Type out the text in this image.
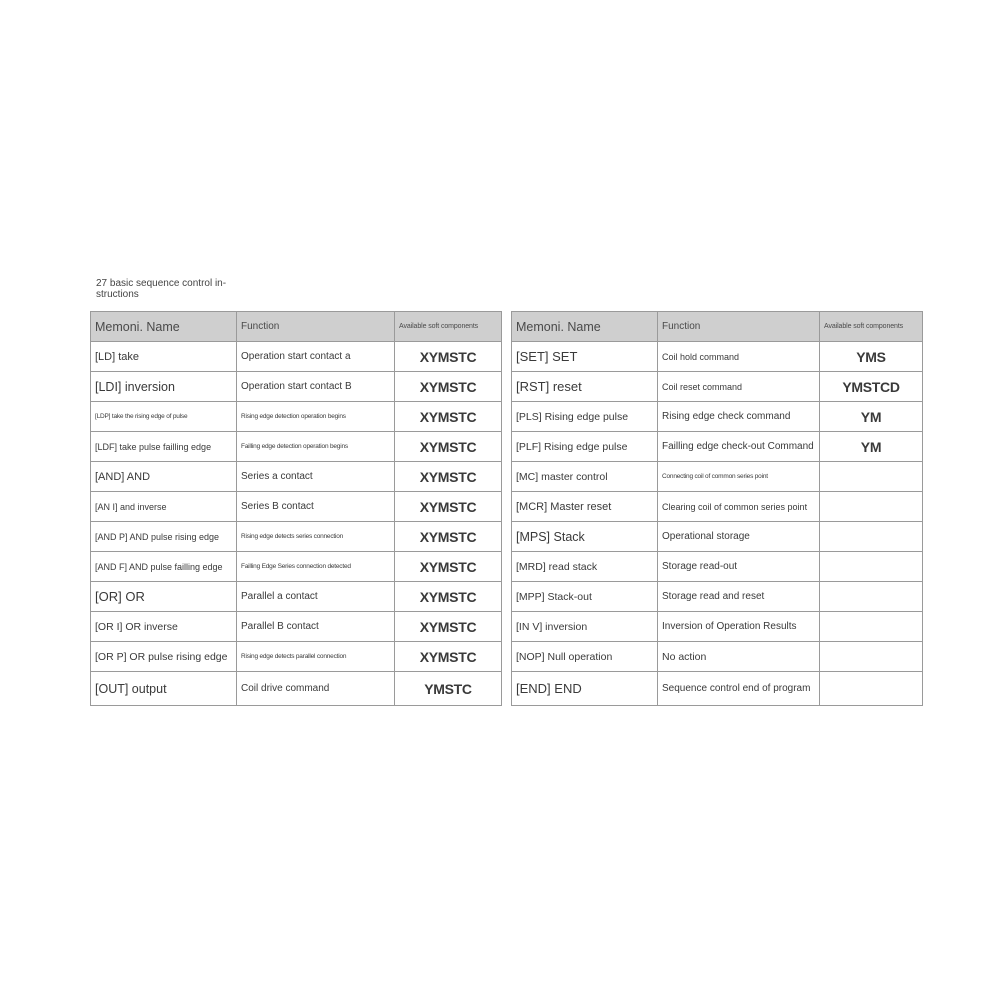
27 basic sequence control in-structions
Memoni. Name	Function	Available soft components
[LD] take	Operation start contact a	XYMSTC
[LDI] inversion	Operation start contact B	XYMSTC
[LDP] take the rising edge of pulse	Rising edge detection operation begins	XYMSTC
[LDF] take pulse failling edge	Failling edge detection operation begins	XYMSTC
[AND] AND	Series a contact	XYMSTC
[AN I] and inverse	Series B contact	XYMSTC
[AND P] AND pulse rising edge	Rising edge detects series connection	XYMSTC
[AND F] AND pulse failling edge	Failling Edge Series connection detected	XYMSTC
[OR] OR	Parallel a contact	XYMSTC
[OR I] OR inverse	Parallel B contact	XYMSTC
[OR P] OR pulse rising edge	Rising edge detects parallel connection	XYMSTC
[OUT] output	Coil drive command	YMSTC
Memoni. Name	Function	Available soft components
[SET] SET	Coil hold command	YMS
[RST] reset	Coil reset command	YMSTCD
[PLS] Rising edge pulse	Rising edge check command	YM
[PLF] Rising edge pulse	Failling edge check-out Command	YM
[MC] master control	Connecting coil of common series point	
[MCR] Master reset	Clearing coil of common series point	
[MPS] Stack	Operational storage	
[MRD] read stack	Storage read-out	
[MPP] Stack-out	Storage read and reset	
[IN V] inversion	Inversion of Operation Results	
[NOP] Null operation	No action	
[END] END	Sequence control end of program	
